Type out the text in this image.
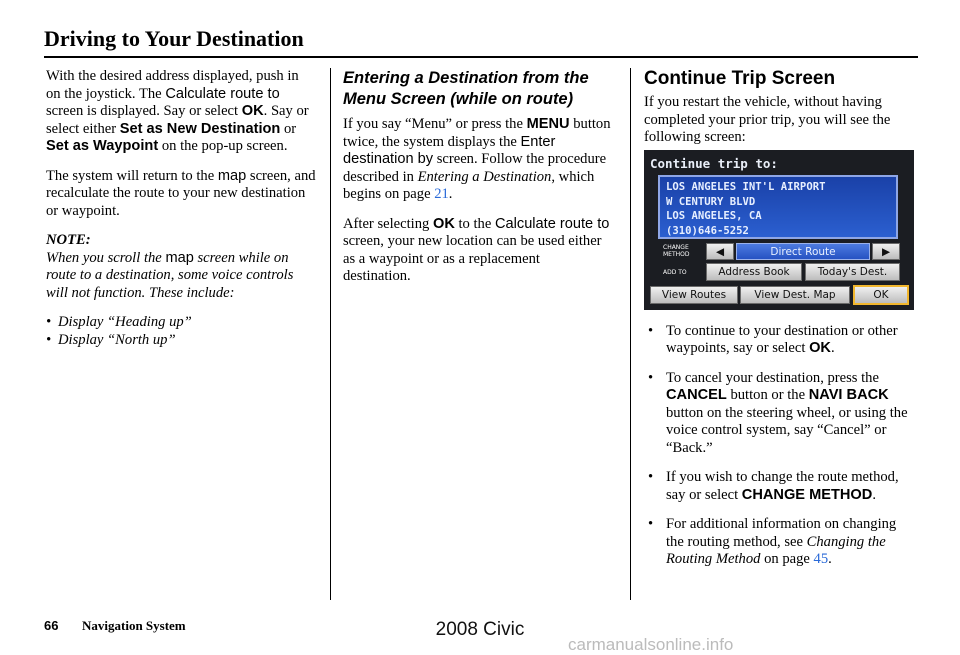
Driving to Your Destination

With the desired address displayed, push in on the joystick. The Calculate route to screen is displayed. Say or select OK. Say or select either Set as New Destination or Set as Waypoint on the pop-up screen.

The system will return to the map screen, and recalculate the route to your new destination or waypoint.

NOTE:

When you scroll the map screen while on route to a destination, some voice controls will not function. These include:

• Display “Heading up”
• Display “North up”
Entering a Destination from the Menu Screen (while on route)

If you say “Menu” or press the MENU button twice, the system displays the Enter destination by screen. Follow the procedure described in Entering a Destination, which begins on page 21.

After selecting OK to the Calculate route to screen, your new location can be used either as a waypoint or as a replacement destination.

Continue Trip Screen

If you restart the vehicle, without having completed your prior trip, you will see the following screen:

• To continue to your destination or other waypoints, say or select OK.
• To cancel your destination, press the CANCEL button or the NAVI BACK button on the steering wheel, or using the voice control system, say “Cancel” or “Back.”
• If you wish to change the route method, say or select CHANGE METHOD.
• For additional information on changing the routing method, see Changing the Routing Method on page 45.
Continue trip to:
LOS ANGELES INT'L AIRPORT
W CENTURY BLVD
LOS ANGELES, CA
(310)646-5252
CHANGE
METHOD	◀	Direct Route	▶
ADD TO	Address Book	Today's Dest.
View Routes	View Dest. Map	OK
66 Navigation System	2008 Civic
carmanualsonline.info
